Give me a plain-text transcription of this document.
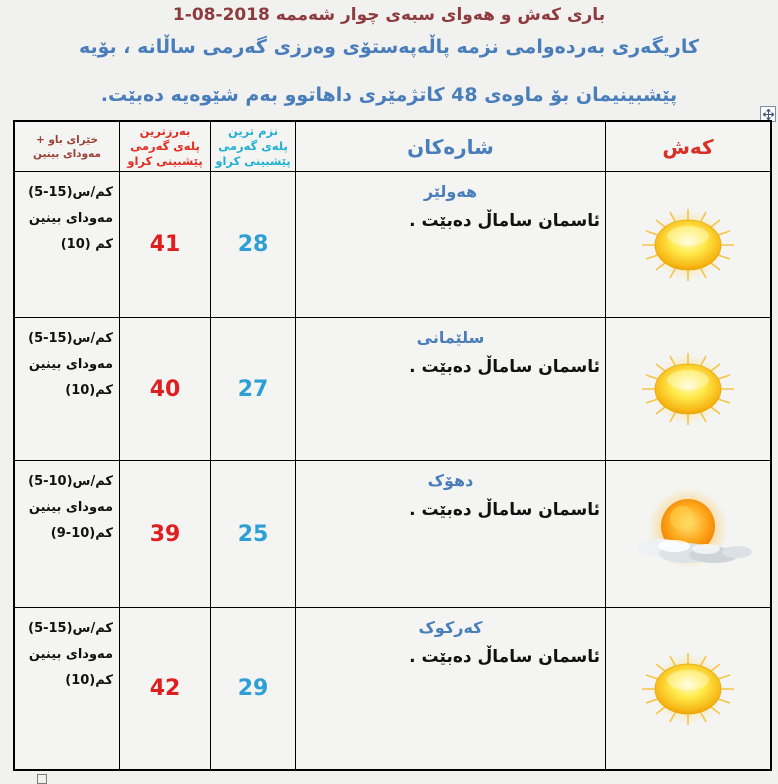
باری کەش و هەوای سبەی چوار شەممە 2018-08-1
کاریگەری بەردەوامی نزمە پاڵەپەستۆی وەرزی گەرمی ساڵانە ، بۆیە
پێشبینیمان بۆ ماوەی 48 کاتژمێری داهاتوو بەم شێوەیە دەبێت.
کەش
شارەکان
نزم ترین
پلەی گەرمی
پێشبینی کراو
بەرزترین
پلەی گەرمی
پێشبینی کراو
خێرای باو +
مەوداى بینین
هەولێر
ئاسمان ساماڵ دەبێت .
28
41
کم/س(15-5)
مەوداى بینین
کم (10)
سلێمانی
ئاسمان ساماڵ دەبێت .
27
40
کم/س(15-5)
مەوداى بینین
کم(10)
دهۆک
ئاسمان ساماڵ دەبێت .
25
39
کم/س(10-5)
مەوداى بینین
کم(10-9)
کەرکوک
ئاسمان ساماڵ دەبێت .
29
42
کم/س(15-5)
مەوداى بینین
کم(10)
